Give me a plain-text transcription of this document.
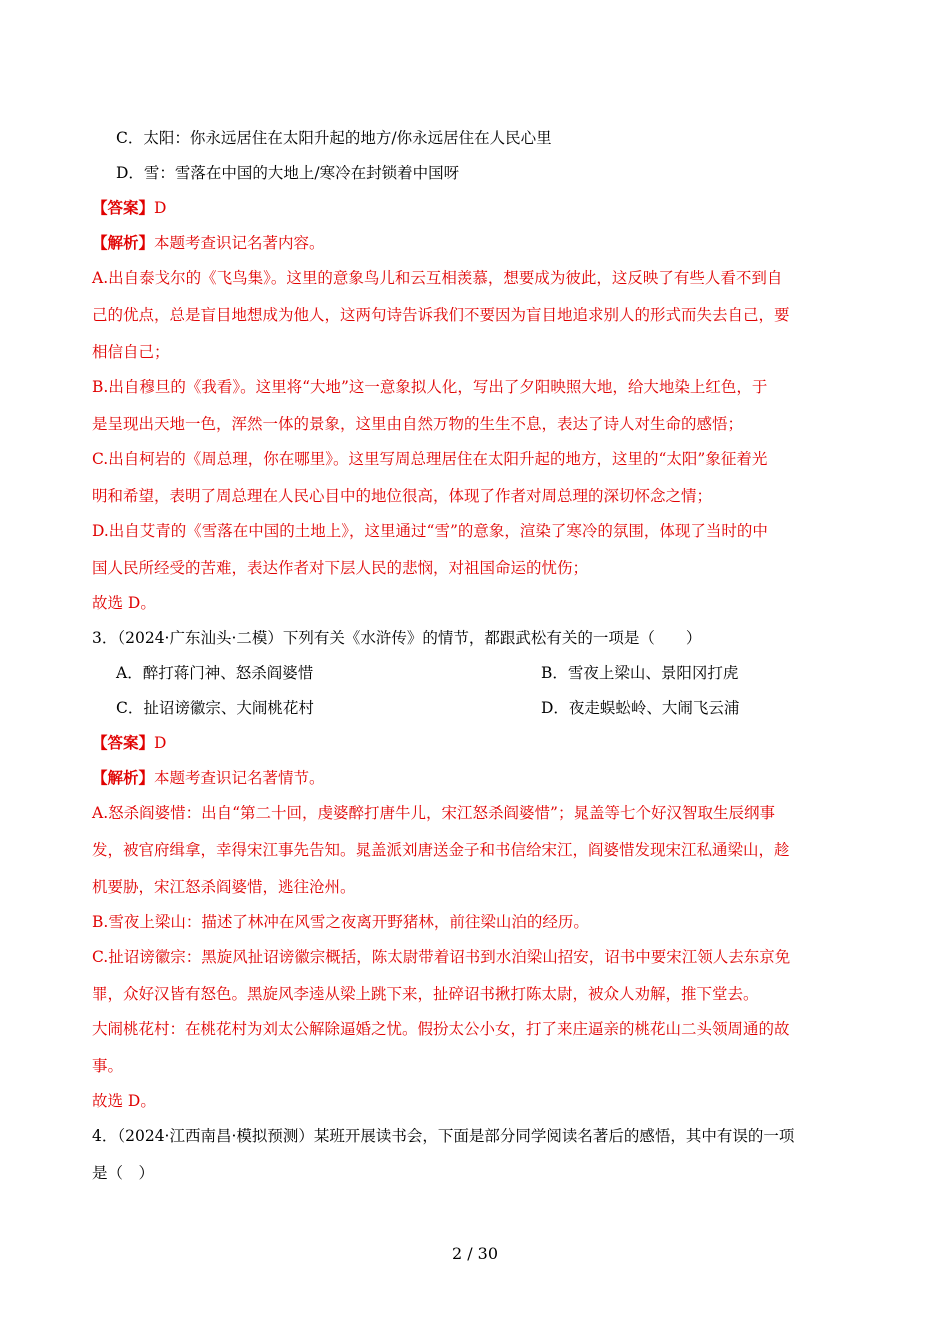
C．太阳：你永远居住在太阳升起的地方/你永远居住在人民心里
D．雪：雪落在中国的大地上/寒冷在封锁着中国呀
【答案】D
【解析】本题考查识记名著内容。
A.出自泰戈尔的《飞鸟集》。这里的意象鸟儿和云互相羡慕，想要成为彼此，这反映了有些人看不到自
己的优点，总是盲目地想成为他人，这两句诗告诉我们不要因为盲目地追求别人的形式而失去自己，要
相信自己；
B.出自穆旦的《我看》。这里将“大地”这一意象拟人化，写出了夕阳映照大地，给大地染上红色，于
是呈现出天地一色，浑然一体的景象，这里由自然万物的生生不息，表达了诗人对生命的感悟；
C.出自柯岩的《周总理，你在哪里》。这里写周总理居住在太阳升起的地方，这里的“太阳”象征着光
明和希望，表明了周总理在人民心目中的地位很高，体现了作者对周总理的深切怀念之情；
D.出自艾青的《雪落在中国的土地上》，这里通过“雪”的意象，渲染了寒冷的氛围，体现了当时的中
国人民所经受的苦难，表达作者对下层人民的悲悯，对祖国命运的忧伤；
故选 D。
3．（2024·广东汕头·二模）下列有关《水浒传》的情节，都跟武松有关的一项是（　　）
A．醉打蒋门神、怒杀阎婆惜	B．雪夜上梁山、景阳冈打虎
C．扯诏谤徽宗、大闹桃花村	D．夜走蜈蚣岭、大闹飞云浦
【答案】D
【解析】本题考查识记名著情节。
A.怒杀阎婆惜：出自“第二十回，虔婆醉打唐牛儿，宋江怒杀阎婆惜”；晁盖等七个好汉智取生辰纲事
发，被官府缉拿，幸得宋江事先告知。晁盖派刘唐送金子和书信给宋江，阎婆惜发现宋江私通梁山，趁
机要胁，宋江怒杀阎婆惜，逃往沧州。
B.雪夜上梁山：描述了林冲在风雪之夜离开野猪林，前往梁山泊的经历。
C.扯诏谤徽宗：黑旋风扯诏谤徽宗概括，陈太尉带着诏书到水泊梁山招安，诏书中要宋江领人去东京免
罪，众好汉皆有怒色。黑旋风李逵从梁上跳下来，扯碎诏书揪打陈太尉，被众人劝解，推下堂去。
大闹桃花村：在桃花村为刘太公解除逼婚之忧。假扮太公小女，打了来庄逼亲的桃花山二头领周通的故
事。
故选 D。
4．（2024·江西南昌·模拟预测）某班开展读书会，下面是部分同学阅读名著后的感悟，其中有误的一项
是（　）
2 / 30
